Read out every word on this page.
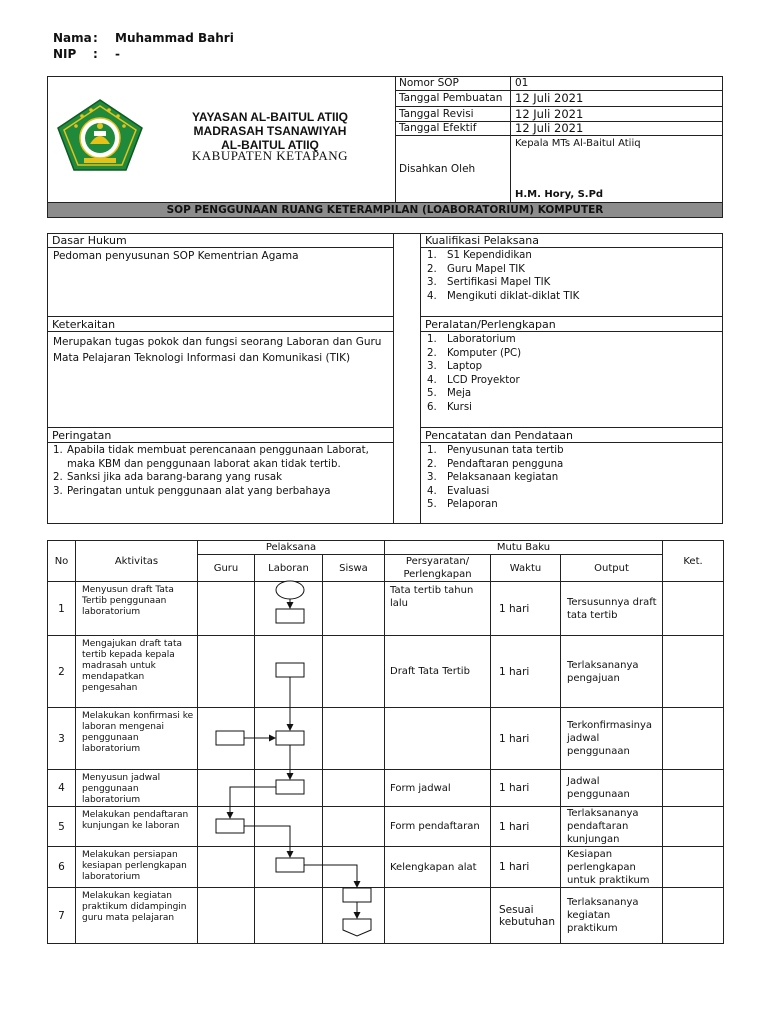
Nama :	Muhammad Bahri
NIP	:	-
YAYASAN AL-BAITUL ATIIQ
MADRASAH TSANAWIYAH
AL-BAITUL ATIIQ
KABUPATEN KETAPANG
Nomor SOP	01
Tanggal Pembuatan	12 Juli 2021
Tanggal Revisi	12 Juli 2021
Tanggal Efektif	12 Juli 2021
Disahkan Oleh
Kepala MTs Al-Baitul Atiiq
H.M. Hory, S.Pd
SOP PENGGUNAAN RUANG KETERAMPILAN (LOABORATORIUM) KOMPUTER
Dasar Hukum
Pedoman penyusunan SOP Kementrian Agama
Keterkaitan
Merupakan tugas pokok dan fungsi seorang Laboran dan Guru Mata Pelajaran Teknologi Informasi dan Komunikasi (TIK)
Peringatan
1. Apabila tidak membuat perencanaan penggunaan Laborat, maka KBM dan penggunaan laborat akan tidak tertib.
2. Sanksi jika ada barang-barang yang rusak
3. Peringatan untuk penggunaan alat yang berbahaya
Kualifikasi Pelaksana
1.	S1 Kependidikan
2.	Guru Mapel TIK
3.	Sertifikasi Mapel TIK
4.	Mengikuti diklat-diklat TIK
Peralatan/Perlengkapan
1.	Laboratorium
2.	Komputer (PC)
3.	Laptop
4.	LCD Proyektor
5.	Meja
6.	Kursi
Pencatatan dan Pendataan
1.	Penyusunan tata tertib
2.	Pendaftaran pengguna
3.	Pelaksanaan kegiatan
4.	Evaluasi
5.	Pelaporan
No	Aktivitas	Pelaksana			Mutu Baku			Ket.
		Guru	Laboran	Siswa	Persyaratan/ Perlengkapan	Waktu	Output	
1	Menyusun draft Tata Tertib penggunaan laboratorium				Tata tertib tahun lalu	1 hari	Tersusunnya draft tata tertib	
2	Mengajukan draft tata tertib kepada kepala madrasah untuk mendapatkan pengesahan				Draft Tata Tertib	1 hari	Terlaksananya pengajuan	
3	Melakukan konfirmasi ke laboran mengenai penggunaan laboratorium					1 hari	Terkonfirmasinya jadwal penggunaan	
4	Menyusun jadwal penggunaan laboratorium				Form jadwal	1 hari	Jadwal penggunaan	
5	Melakukan pendaftaran kunjungan ke laboran				Form pendaftaran	1 hari	Terlaksananya pendaftaran kunjungan	
6	Melakukan persiapan kesiapan perlengkapan laboratorium				Kelengkapan alat	1 hari	Kesiapan perlengkapan untuk praktikum	
7	Melakukan kegiatan praktikum didampingin guru mata pelajaran					Sesuai kebutuhan	Terlaksananya kegiatan praktikum	
